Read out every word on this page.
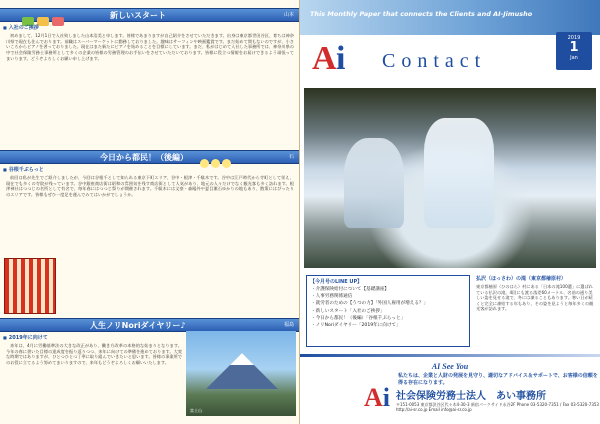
新しいスタート	山本
■ 入社のご挨拶

初めまして、12月1日で入社致しました山本浩美と申します。皆様であまりますが自己紹介をさせていただきます。出身は東京都世田谷区、育ちは神奈川県で現在も住んでおります。前職はスーパーマーケットに勤務しておりました。趣味はサーフィンや映画鑑賞です。まだ始めて間もないのですが、小さいころからピアノを習っておりました。現在はまた新たにピアノを始めることを目標にしています。まだ、私がはじめて入社した事務所では、神奈川県の中で社会保険労務士事務所として多くの企業の皆様の労務管理のお手伝いをさせていただいております。皆様に役立つ情報をお届けできるよう頑張ってまいります。どうぞよろしくお願い申し上げます。

今日から都民！（後編）	石
■ 谷根千ぶらっと

前回は私が先生でご紹介しましたが、今回は谷根千として知られる東京下町エリア、谷中・根津・千駄木です。谷中は江戸時代から寺町として栄え、現在でも多くの寺院が残っています。谷中銀座商店街は昭和の雰囲気を残す商店街として人気があり、地元の人々だけでなく観光客も多く訪れます。根津神社はつつじの名所として有名で、毎年春にはつつじ祭りが開催されます。千駄木には文豪・森鴎外や夏目漱石ゆかりの地もあり、散策にはぴったりのエリアです。皆様もぜひ一度足を運んでみてはいかがでしょうか。

人生ノリNoriダイヤリー♪	福島
■ 2019年に向けて

来年は、4月に労働基準法の大きな改正があり、働き方改革の本格的な始まりとなります。今年の春に書いた目標の達成度を振り返りつつ、来年に向けての準備を進めております。大変な時期ではありますが、ひとつひとつ丁寧に取り組んでいきたいと思います。皆様の事業所でのお役に立てるよう努めてまいりますので、来年もどうぞよろしくお願いいたします。

富士山
This Monthly Paper that connects the Clients and AI-Jimusho
A i Contact
2019
1
Jan
【今月号のLINE UP】
・ 介護保険給付について【基礎講座】
・ 人事労務関係通信
・ 就労者のための【うつの力】「外国人雇用が増える？」
・ 新しいスタート「入社のご挨拶」
・ 今日から都民！（後編）「谷根千ぶらっと」
・ ノリNoriダイヤリー「2019年に向けて」
払沢（ほっさわ）の滝（東京都檜原村）
東京都檜原（ひのはら）村にある「日本の滝100選」に選ばれている払沢の滝。4段にも渡る落差60メートル、名前の通り美しい姿を見せる滝で、冬には凍ることもあります。寒い日が続くと完全に凍結する年もあり、その姿を見ようと毎年多くの観光客が訪れます。
AI See You
私たちは、企業と人財の発展を見守り、適切なアドバイス＆サポートで、お客様の信頼を得る存在になります。
Ai 社会保険労務士法人　あい事務所
〒151-0053 東京都渋谷区代々木4-30-3 新宿パークサイド永谷2F Phone 03-5320-7351 / Fax 03-5320-7353 http://ai-sr.co.jp Email info@ai-sr.co.jp
